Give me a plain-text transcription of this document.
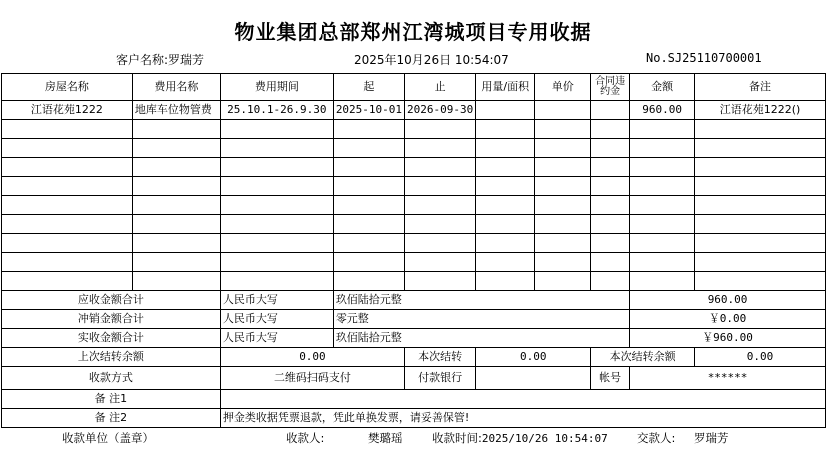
物业集团总部郑州江湾城项目专用收据
客户名称:罗瑞芳	2025年10月26日 10:54:07	No.SJ25110700001
房屋名称	费用名称	费用期间	起	止	用量/面积	单价	合同违约金	金额	备注
江语花苑1222	地库车位物管费	25.10.1-26.9.30	2025-10-01	2026-09-30				960.00	江语花苑1222()

应收金额合计		人民币大写	玖佰陆拾元整					960.00	
冲销金额合计		人民币大写	零元整					￥0.00	
实收金额合计		人民币大写	玖佰陆拾元整					￥960.00	
上次结转余额		0.00		本次结转	0.00		本次结转余额		0.00
收款方式		二维码扫码支付		付款银行			帐号	******	
备 注1									
备 注2		押金类收据凭票退款，凭此单换发票，请妥善保管!							
收款单位（盖章）	收款人:	樊璐瑶	收款时间:2025/10/26 10:54:07	交款人: 罗瑞芳
